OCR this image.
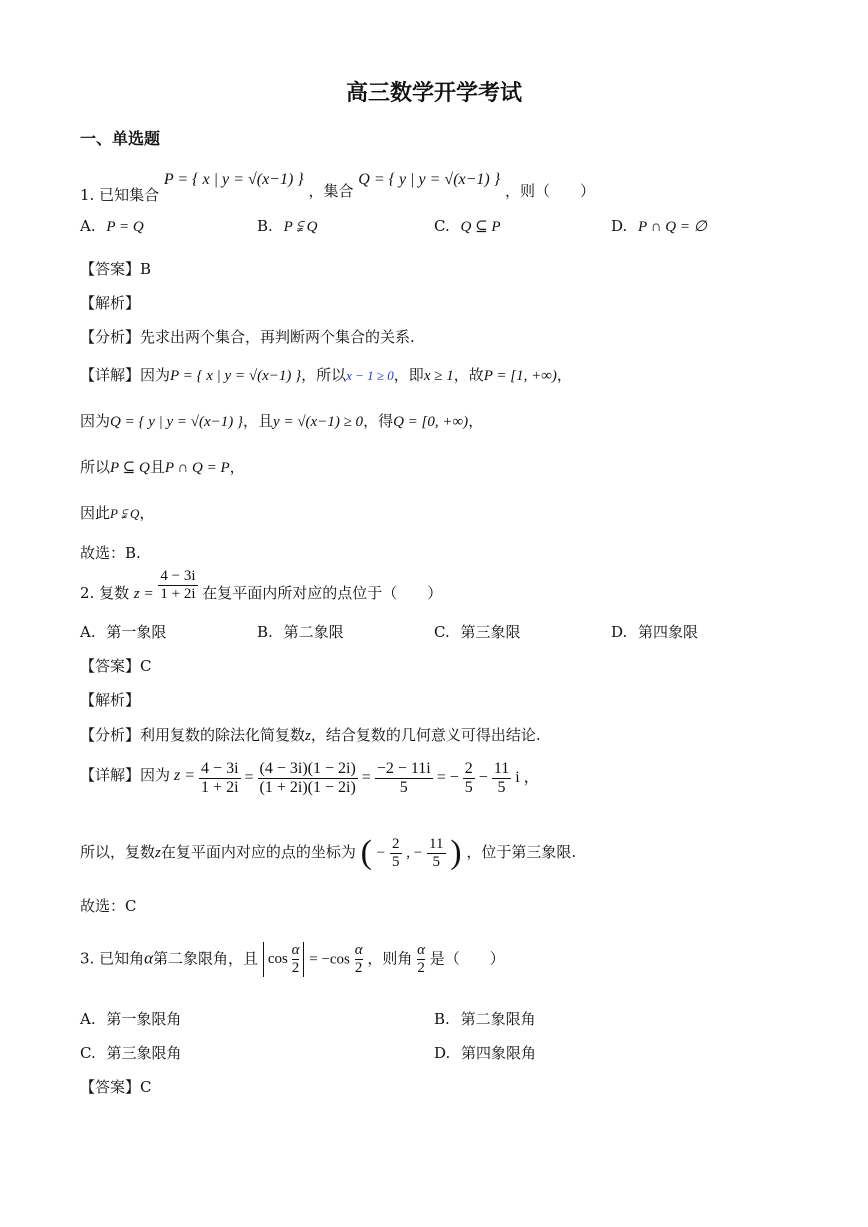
高三数学开学考试
一、单选题
1. 已知集合 P = { x | y = √(x−1) } ，集合 Q = { y | y = √(x−1) } ，则（　　）
A. P = Q	B. P ⫋ Q	C. Q ⊆ P	D. P ∩ Q = ∅
【答案】B
【解析】
【分析】先求出两个集合，再判断两个集合的关系.
【详解】因为P = { x | y = √(x−1) }，所以x − 1 ≥ 0，即x ≥ 1，故P = [1, +∞)，
因为Q = { y | y = √(x−1) }，且y = √(x−1) ≥ 0，得Q = [0, +∞)，
所以P ⊆ Q且P ∩ Q = P，
因此P ⫋ Q，
故选：B.
2. 复数 $z = \frac{4 - 3i}{1 + 2i}$ 在复平面内所对应的点位于（　　）
A. 第一象限	B. 第二象限	C. 第三象限	D. 第四象限
【答案】C
【解析】
【分析】利用复数的除法化简复数z，结合复数的几何意义可得出结论.
【详解】因为 $z = \frac{4 - 3i}{1 + 2i} = \frac{(4 - 3i)(1 - 2i)}{(1 + 2i)(1 - 2i)} = \frac{-2 - 11i}{5}$ = − $\frac{2}{5} - \frac{11}{5}$ i ，
所以，复数z在复平面内对应的点的坐标为 ( − $\frac{2}{5}$ , − $\frac{11}{5}$ ) ，位于第三象限.
故选：C
3. 已知角α第二象限角，且 $\cos \frac{\alpha}{2} = -\cos \frac{\alpha}{2}$ ，则角 $\frac{\alpha}{2}$ 是（　　）
A. 第一象限角	B. 第二象限角
C. 第三象限角	D. 第四象限角
【答案】C
